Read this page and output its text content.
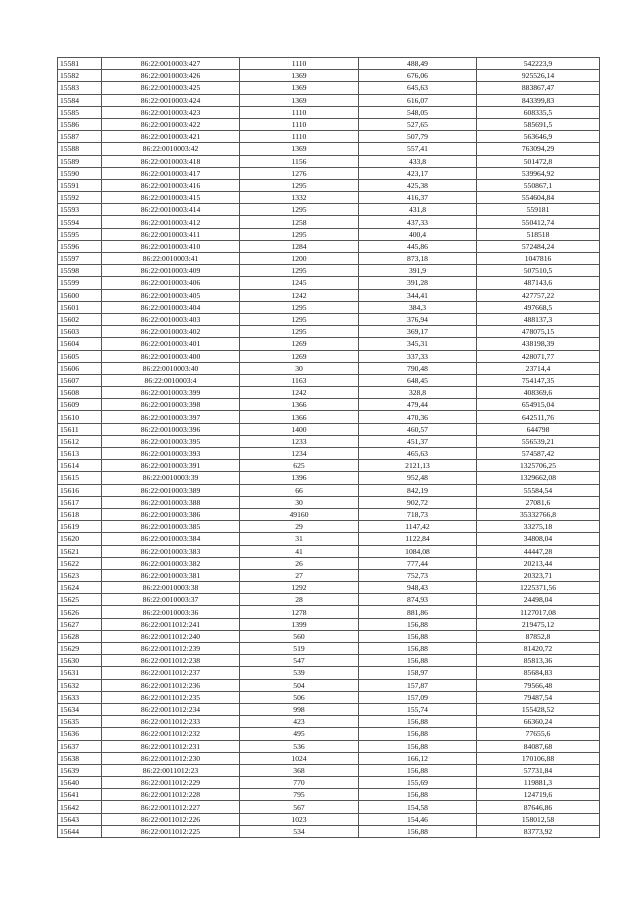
15581	86:22:0010003:427	1110	488,49	542223,9
15582	86:22:0010003:426	1369	676,06	925526,14
15583	86:22:0010003:425	1369	645,63	883867,47
15584	86:22:0010003:424	1369	616,07	843399,83
15585	86:22:0010003:423	1110	548,05	608335,5
15586	86:22:0010003:422	1110	527,65	585691,5
15587	86:22:0010003:421	1110	507,79	563646,9
15588	86:22:0010003:42	1369	557,41	763094,29
15589	86:22:0010003:418	1156	433,8	501472,8
15590	86:22:0010003:417	1276	423,17	539964,92
15591	86:22:0010003:416	1295	425,38	550867,1
15592	86:22:0010003:415	1332	416,37	554604,84
15593	86:22:0010003:414	1295	431,8	559181
15594	86:22:0010003:412	1258	437,33	550412,74
15595	86:22:0010003:411	1295	400,4	518518
15596	86:22:0010003:410	1284	445,86	572484,24
15597	86:22:0010003:41	1200	873,18	1047816
15598	86:22:0010003:409	1295	391,9	507510,5
15599	86:22:0010003:406	1245	391,28	487143,6
15600	86:22:0010003:405	1242	344,41	427757,22
15601	86:22:0010003:404	1295	384,3	497668,5
15602	86:22:0010003:403	1295	376,94	488137,3
15603	86:22:0010003:402	1295	369,17	478075,15
15604	86:22:0010003:401	1269	345,31	438198,39
15605	86:22:0010003:400	1269	337,33	428071,77
15606	86:22:0010003:40	30	790,48	23714,4
15607	86:22:0010003:4	1163	648,45	754147,35
15608	86:22:0010003:399	1242	328,8	408369,6
15609	86:22:0010003:398	1366	479,44	654915,04
15610	86:22:0010003:397	1366	470,36	642511,76
15611	86:22:0010003:396	1400	460,57	644798
15612	86:22:0010003:395	1233	451,37	556539,21
15613	86:22:0010003:393	1234	465,63	574587,42
15614	86:22:0010003:391	625	2121,13	1325706,25
15615	86:22:0010003:39	1396	952,48	1329662,08
15616	86:22:0010003:389	66	842,19	55584,54
15617	86:22:0010003:388	30	902,72	27081,6
15618	86:22:0010003:386	49160	718,73	35332766,8
15619	86:22:0010003:385	29	1147,42	33275,18
15620	86:22:0010003:384	31	1122,84	34808,04
15621	86:22:0010003:383	41	1084,08	44447,28
15622	86:22:0010003:382	26	777,44	20213,44
15623	86:22:0010003:381	27	752,73	20323,71
15624	86:22:0010003:38	1292	948,43	1225371,56
15625	86:22:0010003:37	28	874,93	24498,04
15626	86:22:0010003:36	1278	881,86	1127017,08
15627	86:22:0011012:241	1399	156,88	219475,12
15628	86:22:0011012:240	560	156,88	87852,8
15629	86:22:0011012:239	519	156,88	81420,72
15630	86:22:0011012:238	547	156,88	85813,36
15631	86:22:0011012:237	539	158,97	85684,83
15632	86:22:0011012:236	504	157,87	79566,48
15633	86:22:0011012:235	506	157,09	79487,54
15634	86:22:0011012:234	998	155,74	155428,52
15635	86:22:0011012:233	423	156,88	66360,24
15636	86:22:0011012:232	495	156,88	77655,6
15637	86:22:0011012:231	536	156,88	84087,68
15638	86:22:0011012:230	1024	166,12	170106,88
15639	86:22:0011012:23	368	156,88	57731,84
15640	86:22:0011012:229	770	155,69	119881,3
15641	86:22:0011012:228	795	156,88	124719,6
15642	86:22:0011012:227	567	154,58	87646,86
15643	86:22:0011012:226	1023	154,46	158012,58
15644	86:22:0011012:225	534	156,88	83773,92
